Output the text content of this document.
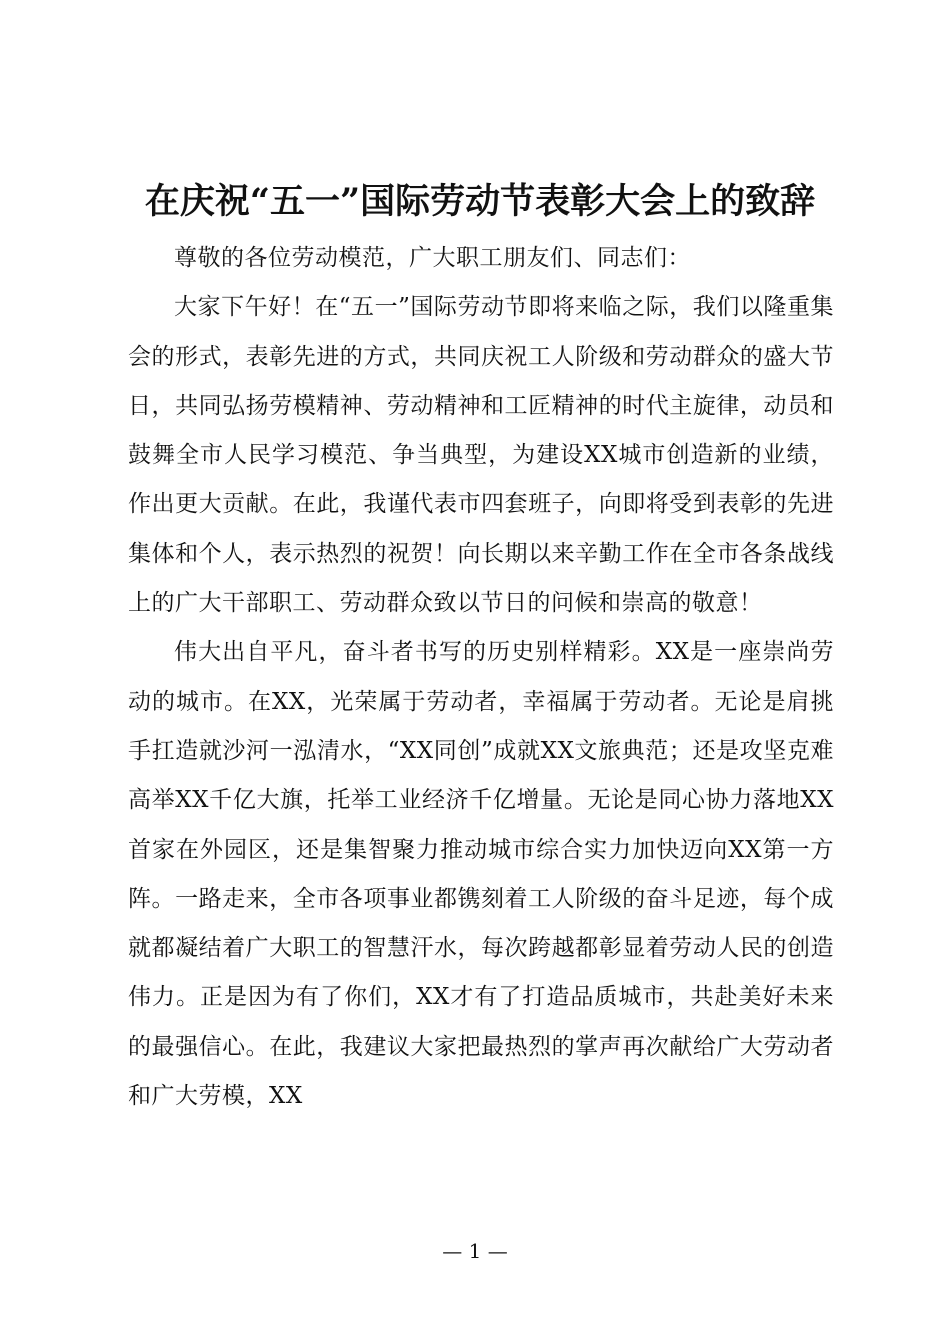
在庆祝“五一”国际劳动节表彰大会上的致辞

尊敬的各位劳动模范，广大职工朋友们、同志们：

大家下午好！在“五一”国际劳动节即将来临之际，我们以隆重集会的形式，表彰先进的方式，共同庆祝工人阶级和劳动群众的盛大节日，共同弘扬劳模精神、劳动精神和工匠精神的时代主旋律，动员和鼓舞全市人民学习模范、争当典型，为建设XX城市创造新的业绩，作出更大贡献。在此，我谨代表市四套班子，向即将受到表彰的先进集体和个人，表示热烈的祝贺！向长期以来辛勤工作在全市各条战线上的广大干部职工、劳动群众致以节日的问候和崇高的敬意！

伟大出自平凡，奋斗者书写的历史别样精彩。XX是一座崇尚劳动的城市。在XX，光荣属于劳动者，幸福属于劳动者。无论是肩挑手扛造就沙河一泓清水，“XX同创”成就XX文旅典范；还是攻坚克难高举XX千亿大旗，托举工业经济千亿增量。无论是同心协力落地XX首家在外园区，还是集智聚力推动城市综合实力加快迈向XX第一方阵。一路走来，全市各项事业都镌刻着工人阶级的奋斗足迹，每个成就都凝结着广大职工的智慧汗水，每次跨越都彰显着劳动人民的创造伟力。正是因为有了你们，XX才有了打造品质城市，共赴美好未来的最强信心。在此，我建议大家把最热烈的掌声再次献给广大劳动者和广大劳模，XX

— 1 —
